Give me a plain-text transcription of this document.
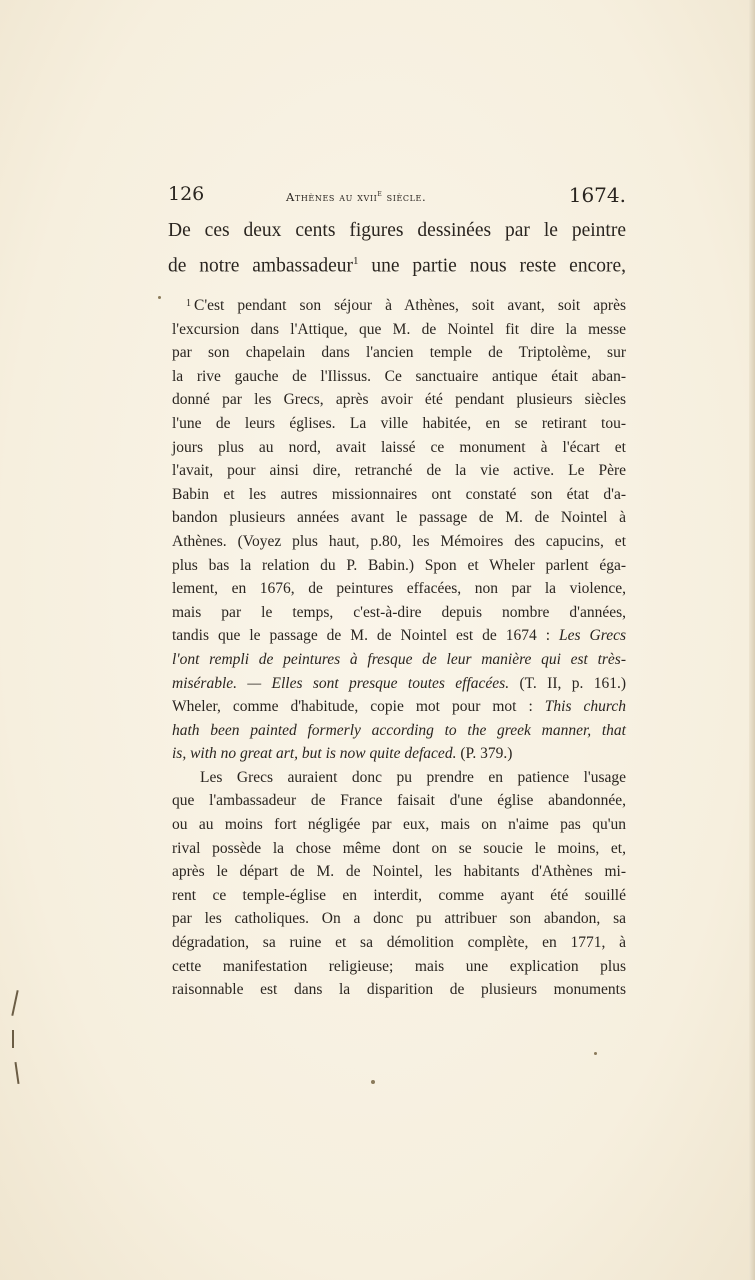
126	Athènes au xvii$^e$ siècle.	1674.
De ces deux cents figures dessinées par le peintre
de notre ambassadeur$^1$ une partie nous reste encore,
$^1$ C'est pendant son séjour à Athènes, soit avant, soit après
l'excursion dans l'Attique, que M. de Nointel fit dire la messe
par son chapelain dans l'ancien temple de Triptolème, sur
la rive gauche de l'Ilissus. Ce sanctuaire antique était aban-
donné par les Grecs, après avoir été pendant plusieurs siècles
l'une de leurs églises. La ville habitée, en se retirant tou-
jours plus au nord, avait laissé ce monument à l'écart et
l'avait, pour ainsi dire, retranché de la vie active. Le Père
Babin et les autres missionnaires ont constaté son état d'a-
bandon plusieurs années avant le passage de M. de Nointel à
Athènes. (Voyez plus haut, p.80, les Mémoires des capucins, et
plus bas la relation du P. Babin.) Spon et Wheler parlent éga-
lement, en 1676, de peintures effacées, non par la violence,
mais par le temps, c'est-à-dire depuis nombre d'années,
tandis que le passage de M. de Nointel est de 1674 : Les Grecs
l'ont rempli de peintures à fresque de leur manière qui est très-
misérable. — Elles sont presque toutes effacées. (T. II, p. 161.)
Wheler, comme d'habitude, copie mot pour mot : This church
hath been painted formerly according to the greek manner, that
is, with no great art, but is now quite defaced. (P. 379.)
Les Grecs auraient donc pu prendre en patience l'usage
que l'ambassadeur de France faisait d'une église abandonnée,
ou au moins fort négligée par eux, mais on n'aime pas qu'un
rival possède la chose même dont on se soucie le moins, et,
après le départ de M. de Nointel, les habitants d'Athènes mi-
rent ce temple-église en interdit, comme ayant été souillé
par les catholiques. On a donc pu attribuer son abandon, sa
dégradation, sa ruine et sa démolition complète, en 1771, à
cette manifestation religieuse; mais une explication plus
raisonnable est dans la disparition de plusieurs monuments
